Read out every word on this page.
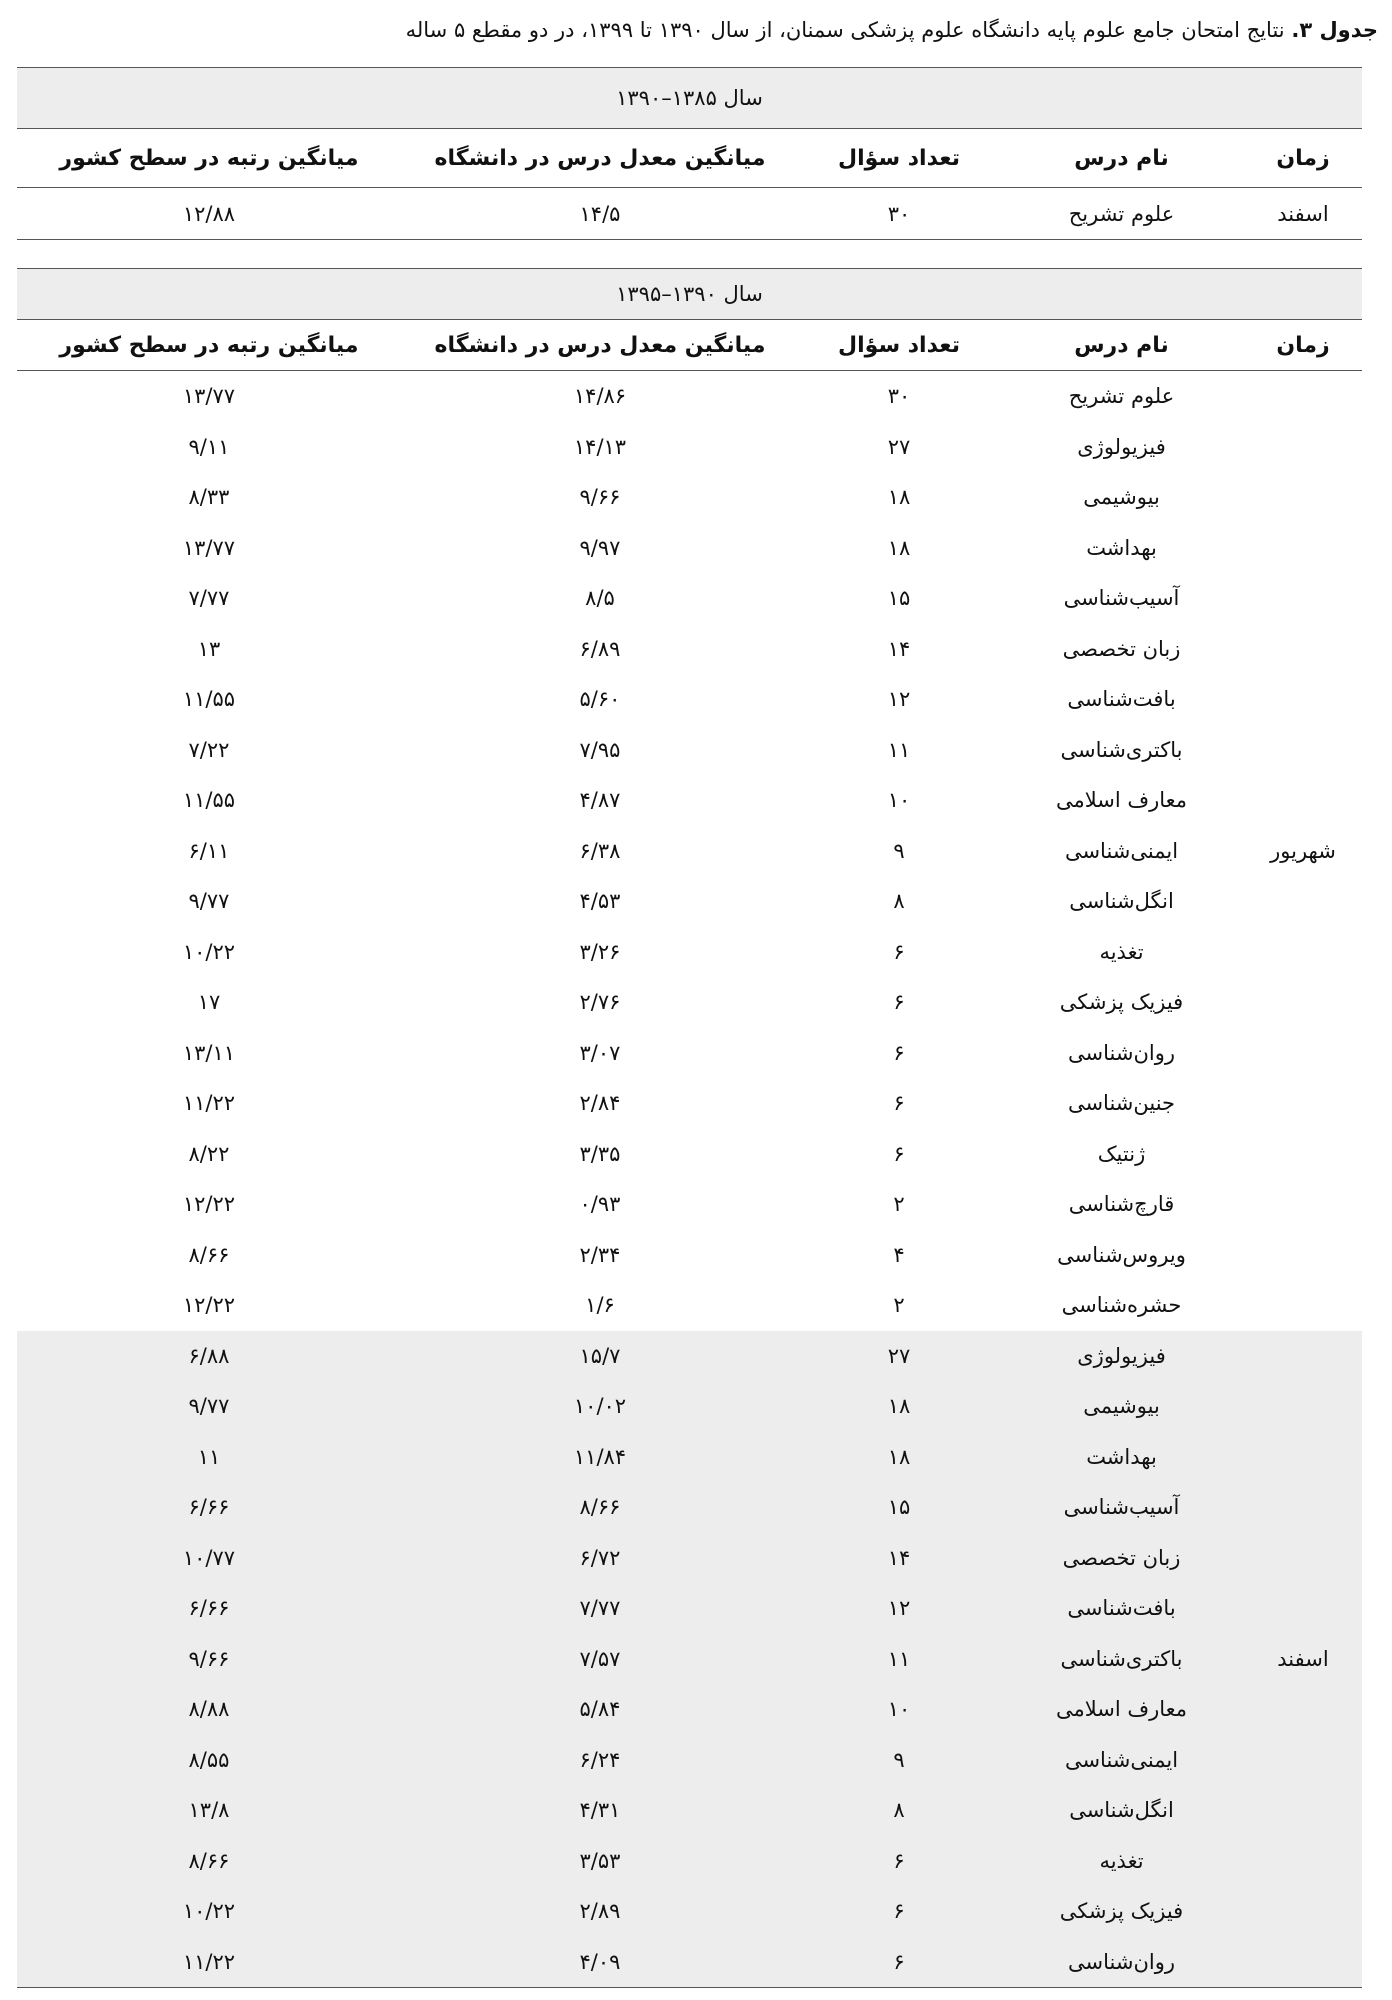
جدول ۳. نتایج امتحان جامع علوم پایه دانشگاه علوم پزشکی سمنان، از سال ۱۳۹۰ تا ۱۳۹۹، در دو مقطع ۵ ساله
سال ۱۳۸۵–۱۳۹۰				
زمان	نام درس	تعداد سؤال	میانگین معدل درس در دانشگاه	میانگین رتبه در سطح کشور
اسفند	علوم تشریح	۳۰	۱۴/۵	۱۲/۸۸
سال ۱۳۹۰–۱۳۹۵				
زمان	نام درس	تعداد سؤال	میانگین معدل درس در دانشگاه	میانگین رتبه در سطح کشور
شهریور	علوم تشریح	۳۰	۱۴/۸۶	۱۳/۷۷
	فیزیولوژی	۲۷	۱۴/۱۳	۹/۱۱
	بیوشیمی	۱۸	۹/۶۶	۸/۳۳
	بهداشت	۱۸	۹/۹۷	۱۳/۷۷
	آسیب‌شناسی	۱۵	۸/۵	۷/۷۷
	زبان تخصصی	۱۴	۶/۸۹	۱۳
	بافت‌شناسی	۱۲	۵/۶۰	۱۱/۵۵
	باکتری‌شناسی	۱۱	۷/۹۵	۷/۲۲
	معارف اسلامی	۱۰	۴/۸۷	۱۱/۵۵
	ایمنی‌شناسی	۹	۶/۳۸	۶/۱۱
	انگل‌شناسی	۸	۴/۵۳	۹/۷۷
	تغذیه	۶	۳/۲۶	۱۰/۲۲
	فیزیک پزشکی	۶	۲/۷۶	۱۷
	روان‌شناسی	۶	۳/۰۷	۱۳/۱۱
	جنین‌شناسی	۶	۲/۸۴	۱۱/۲۲
	ژنتیک	۶	۳/۳۵	۸/۲۲
	قارچ‌شناسی	۲	۰/۹۳	۱۲/۲۲
	ویروس‌شناسی	۴	۲/۳۴	۸/۶۶
	حشره‌شناسی	۲	۱/۶	۱۲/۲۲
اسفند	فیزیولوژی	۲۷	۱۵/۷	۶/۸۸
	بیوشیمی	۱۸	۱۰/۰۲	۹/۷۷
	بهداشت	۱۸	۱۱/۸۴	۱۱
	آسیب‌شناسی	۱۵	۸/۶۶	۶/۶۶
	زبان تخصصی	۱۴	۶/۷۲	۱۰/۷۷
	بافت‌شناسی	۱۲	۷/۷۷	۶/۶۶
	باکتری‌شناسی	۱۱	۷/۵۷	۹/۶۶
	معارف اسلامی	۱۰	۵/۸۴	۸/۸۸
	ایمنی‌شناسی	۹	۶/۲۴	۸/۵۵
	انگل‌شناسی	۸	۴/۳۱	۱۳/۸
	تغذیه	۶	۳/۵۳	۸/۶۶
	فیزیک پزشکی	۶	۲/۸۹	۱۰/۲۲
	روان‌شناسی	۶	۴/۰۹	۱۱/۲۲
